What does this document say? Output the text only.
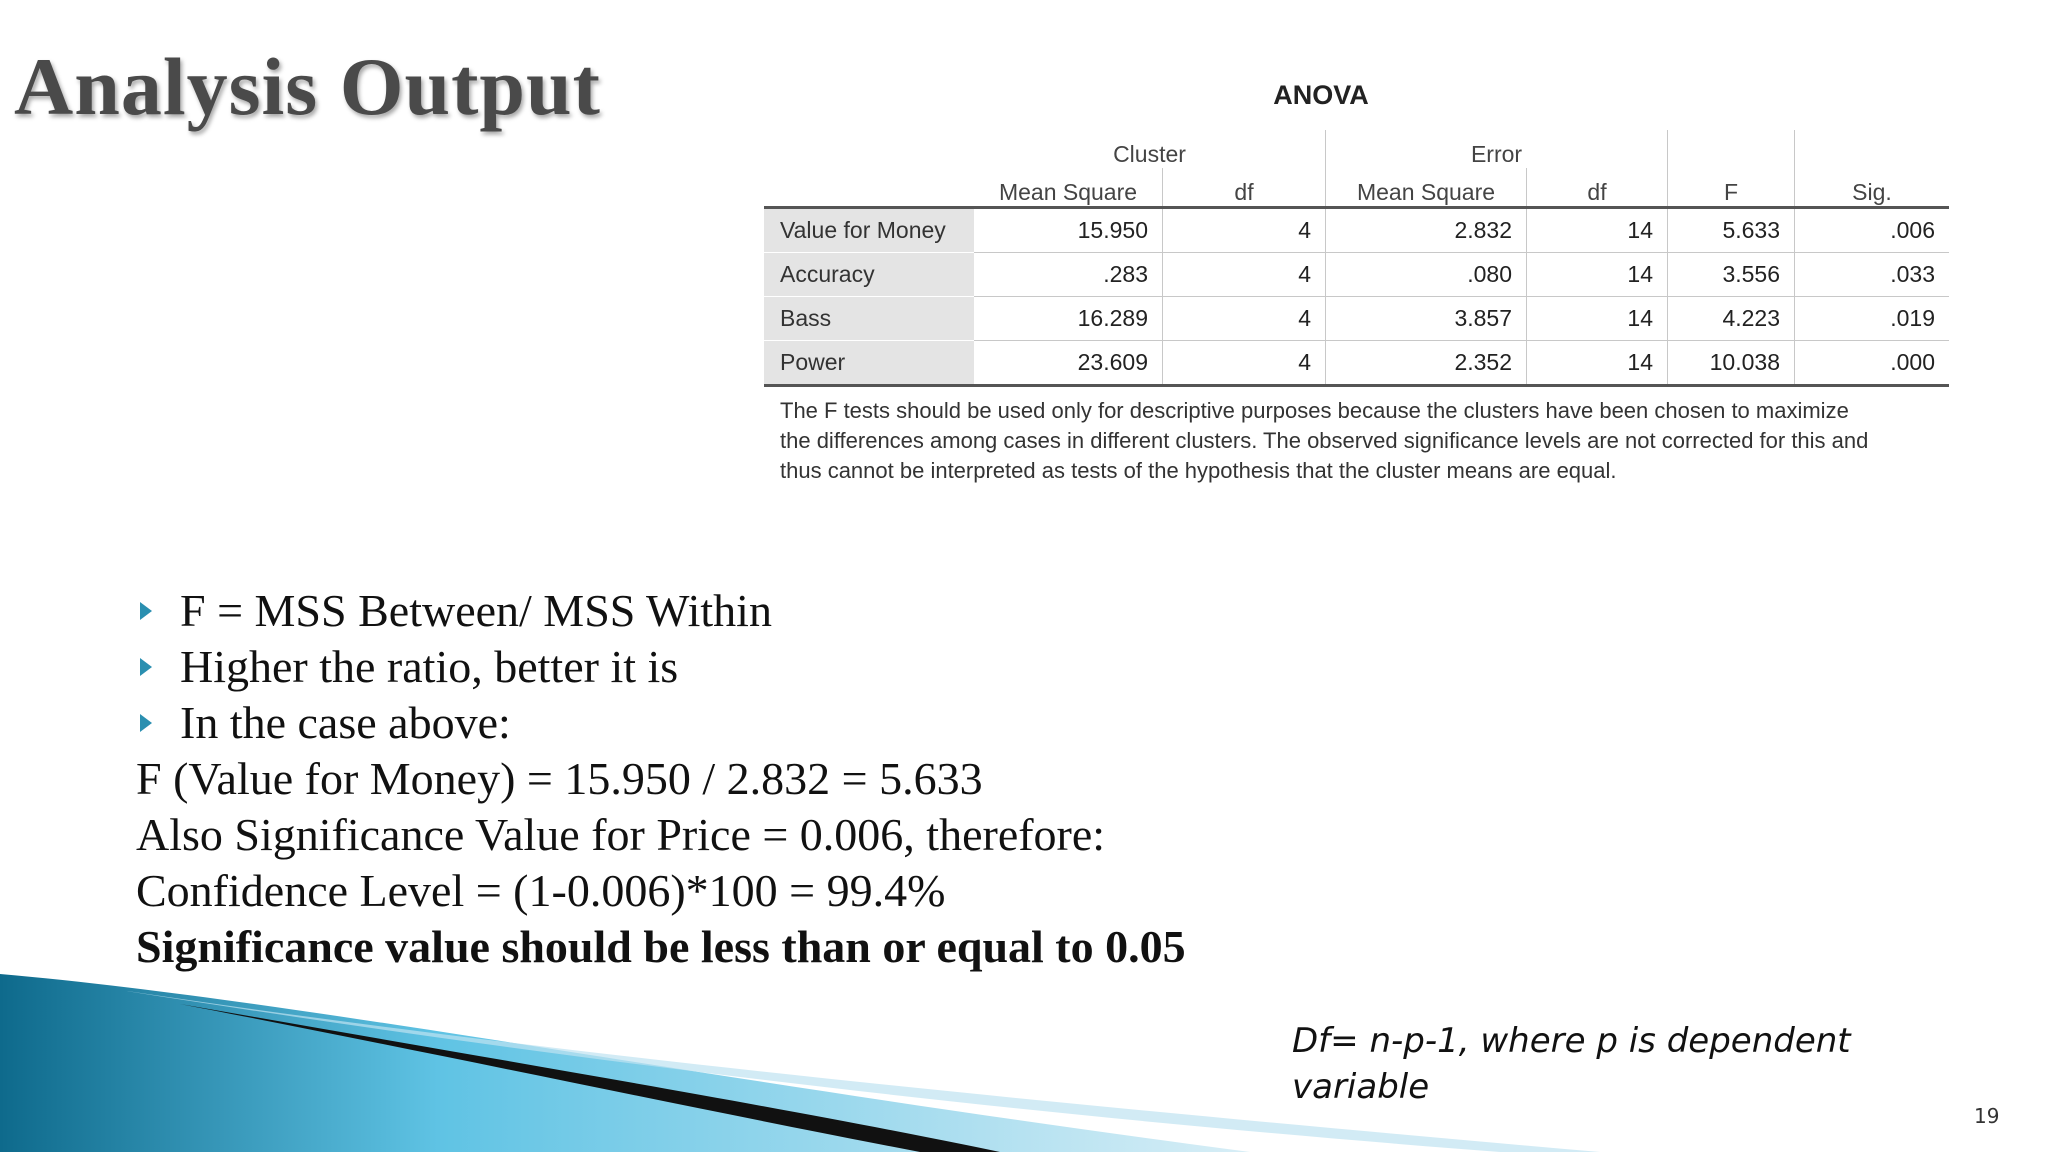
Analysis Output	ANOVA
	Cluster		Error			
	Mean Square	df	Mean Square	df	F	Sig.
Value for Money	15.950	4	2.832	14	5.633	.006
Accuracy	.283	4	.080	14	3.556	.033
Bass	16.289	4	3.857	14	4.223	.019
Power	23.609	4	2.352	14	10.038	.000
The F tests should be used only for descriptive purposes because the clusters have been chosen to maximize the differences among cases in different clusters. The observed significance levels are not corrected for this and thus cannot be interpreted as tests of the hypothesis that the cluster means are equal.
F = MSS Between/ MSS Within
Higher the ratio, better it is
In the case above:
F (Value for Money) = 15.950 / 2.832 = 5.633
Also Significance Value for Price = 0.006, therefore:
Confidence Level = (1-0.006)*100 = 99.4%
Significance value should be less than or equal to 0.05
Df= n-p-1, where p is dependent variable
19
